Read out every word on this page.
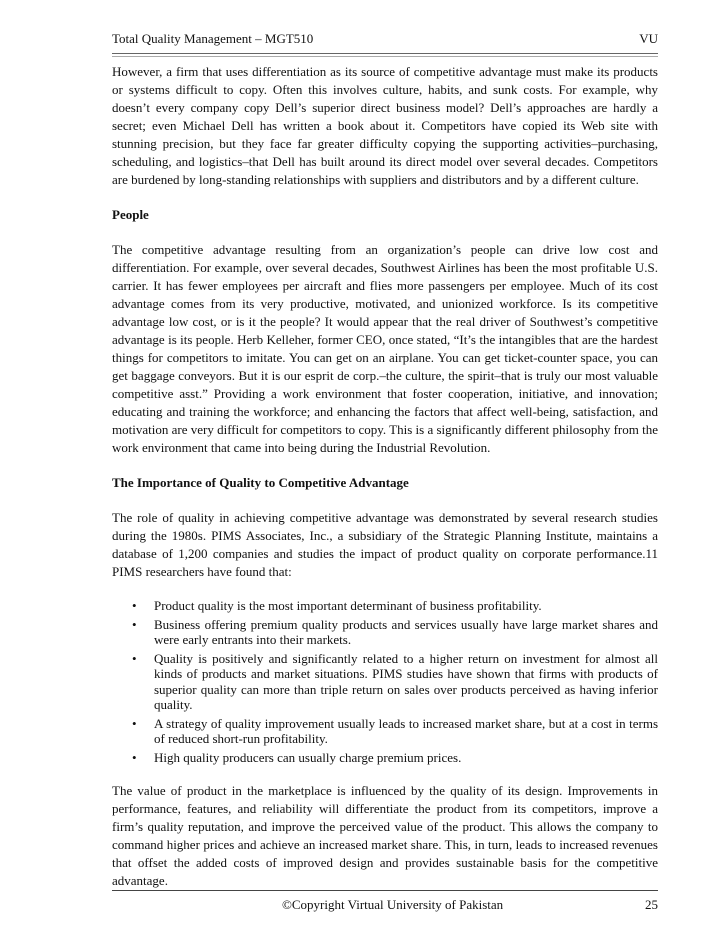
Total Quality Management – MGT510	VU

However, a firm that uses differentiation as its source of competitive advantage must make its products or systems difficult to copy. Often this involves culture, habits, and sunk costs. For example, why doesn’t every company copy Dell’s superior direct business model? Dell’s approaches are hardly a secret; even Michael Dell has written a book about it. Competitors have copied its Web site with stunning precision, but they face far greater difficulty copying the supporting activities–purchasing, scheduling, and logistics–that Dell has built around its direct model over several decades. Competitors are burdened by long-standing relationships with suppliers and distributors and by a different culture.

People

The competitive advantage resulting from an organization’s people can drive low cost and differentiation. For example, over several decades, Southwest Airlines has been the most profitable U.S. carrier. It has fewer employees per aircraft and flies more passengers per employee. Much of its cost advantage comes from its very productive, motivated, and unionized workforce. Is its competitive advantage low cost, or is it the people? It would appear that the real driver of Southwest’s competitive advantage is its people. Herb Kelleher, former CEO, once stated, “It’s the intangibles that are the hardest things for competitors to imitate. You can get on an airplane. You can get ticket-counter space, you can get baggage conveyors. But it is our esprit de corp.–the culture, the spirit–that is truly our most valuable competitive asst.” Providing a work environment that foster cooperation, initiative, and innovation; educating and training the workforce; and enhancing the factors that affect well-being, satisfaction, and motivation are very difficult for competitors to copy. This is a significantly different philosophy from the work environment that came into being during the Industrial Revolution.

The Importance of Quality to Competitive Advantage

The role of quality in achieving competitive advantage was demonstrated by several research studies during the 1980s. PIMS Associates, Inc., a subsidiary of the Strategic Planning Institute, maintains a database of 1,200 companies and studies the impact of product quality on corporate performance.11 PIMS researchers have found that:

• Product quality is the most important determinant of business profitability.
• Business offering premium quality products and services usually have large market shares and were early entrants into their markets.
• Quality is positively and significantly related to a higher return on investment for almost all kinds of products and market situations. PIMS studies have shown that firms with products of superior quality can more than triple return on sales over products perceived as having inferior quality.
• A strategy of quality improvement usually leads to increased market share, but at a cost in terms of reduced short-run profitability.
• High quality producers can usually charge premium prices.

The value of product in the marketplace is influenced by the quality of its design. Improvements in performance, features, and reliability will differentiate the product from its competitors, improve a firm’s quality reputation, and improve the perceived value of the product. This allows the company to command higher prices and achieve an increased market share. This, in turn, leads to increased revenues that offset the added costs of improved design and provides sustainable basis for the competitive advantage.

©Copyright Virtual University of Pakistan	25
